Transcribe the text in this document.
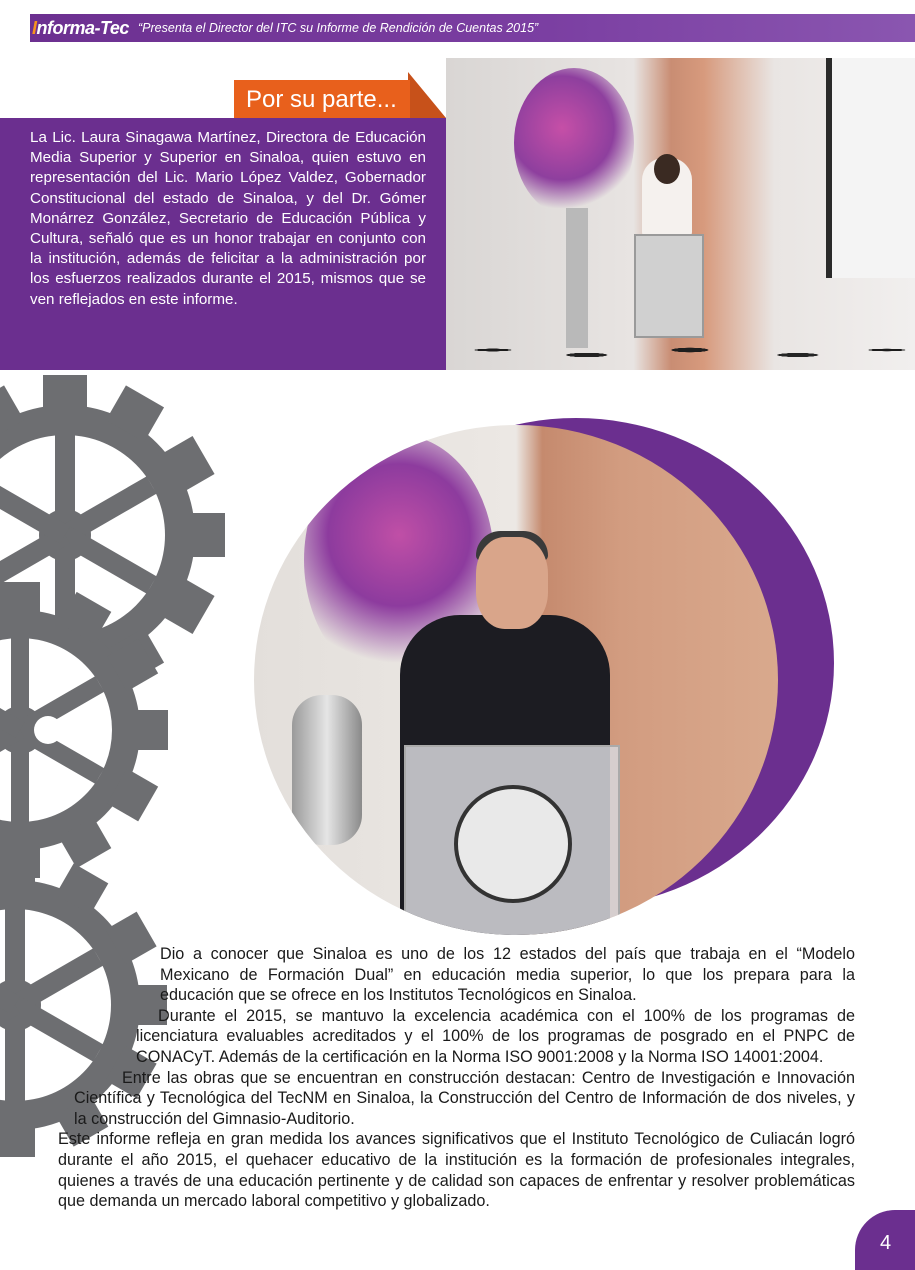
Informa-Tec “Presenta el Director del ITC su Informe de Rendición de Cuentas 2015”
Por su parte...
La Lic. Laura Sinagawa Martínez, Directora de Educación Media Superior y Superior en Sinaloa, quien estuvo en representación del Lic. Mario López Valdez, Gobernador Constitucional del estado de Sinaloa, y del Dr. Gómer Monárrez González, Secretario de Educación Pública y Cultura, señaló que es un honor trabajar en conjunto con la institución, además de felicitar a la administración por los esfuerzos realizados durante el 2015, mismos que se ven reflejados en este informe.

Dio a conocer que Sinaloa es uno de los 12 estados del país que trabaja en el “Modelo Mexicano de Formación Dual” en educación media superior, lo que los prepara para la educación que se ofrece en los Institutos Tecnológicos en Sinaloa.

Durante el 2015, se mantuvo la excelencia académica con el 100% de los programas de licenciatura evaluables acreditados y el 100% de los programas de posgrado en el PNPC de CONACyT. Además de la certificación en la Norma ISO 9001:2008 y la Norma ISO 14001:2004.

Entre las obras que se encuentran en construcción destacan: Centro de Investigación e Innovación Científica y Tecnológica del TecNM en Sinaloa, la Construcción del Centro de Información de dos niveles, y la construcción del Gimnasio-Auditorio.

Este informe refleja en gran medida los avances significativos que el Instituto Tecnológico de Culiacán logró durante el año 2015, el quehacer educativo de la institución es la formación de profesionales integrales, quienes a través de una educación pertinente y de calidad son capaces de enfrentar y resolver problemáticas que demanda un mercado laboral competitivo y globalizado.

4
